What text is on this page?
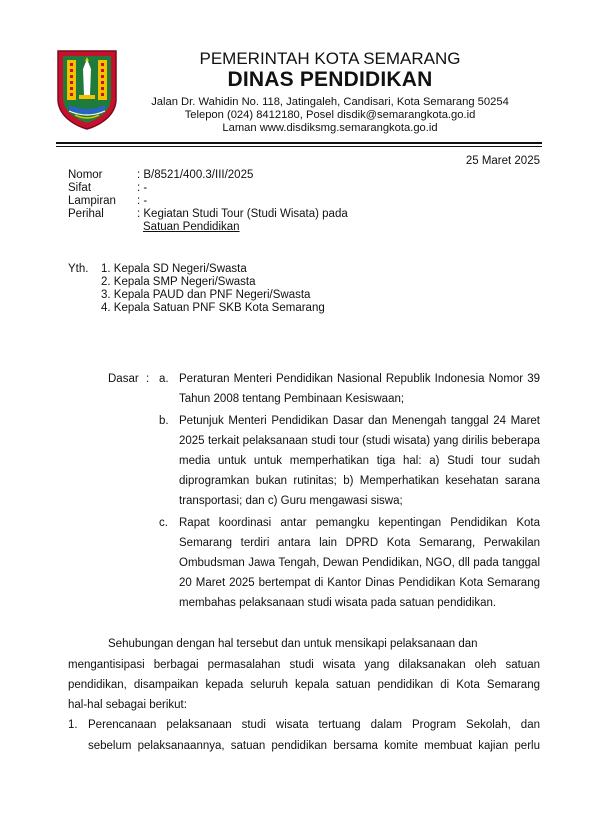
PEMERINTAH KOTA SEMARANG
DINAS PENDIDIKAN
Jalan Dr. Wahidin No. 118, Jatingaleh, Candisari, Kota Semarang 50254
Telepon (024) 8412180, Posel disdik@semarangkota.go.id
Laman www.disdiksmg.semarangkota.go.id
25 Maret 2025
Nomor	: B/8521/400.3/III/2025
Sifat	: -
Lampiran : -
Perihal	: Kegiatan Studi Tour (Studi Wisata) pada
Satuan Pendidikan
Yth. 1. Kepala SD Negeri/Swasta
2. Kepala SMP Negeri/Swasta
3. Kepala PAUD dan PNF Negeri/Swasta
4. Kepala Satuan PNF SKB Kota Semarang
Dasar : a. Peraturan Menteri Pendidikan Nasional Republik Indonesia Nomor 39
Tahun 2008 tentang Pembinaan Kesiswaan;
b. Petunjuk Menteri Pendidikan Dasar dan Menengah tanggal 24 Maret
2025 terkait pelaksanaan studi tour (studi wisata) yang dirilis beberapa
media untuk untuk memperhatikan tiga hal: a) Studi tour sudah
diprogramkan bukan rutinitas; b) Memperhatikan kesehatan sarana
transportasi; dan c) Guru mengawasi siswa;
c. Rapat koordinasi antar pemangku kepentingan Pendidikan Kota
Semarang terdiri antara lain DPRD Kota Semarang, Perwakilan
Ombudsman Jawa Tengah, Dewan Pendidikan, NGO, dll pada tanggal
20 Maret 2025 bertempat di Kantor Dinas Pendidikan Kota Semarang
membahas pelaksanaan studi wisata pada satuan pendidikan.
Sehubungan dengan hal tersebut dan untuk mensikapi pelaksanaan dan
mengantisipasi berbagai permasalahan studi wisata yang dilaksanakan oleh satuan
pendidikan, disampaikan kepada seluruh kepala satuan pendidikan di Kota Semarang
hal-hal sebagai berikut:
1. Perencanaan pelaksanaan studi wisata tertuang dalam Program Sekolah, dan
sebelum pelaksanaannya, satuan pendidikan bersama komite membuat kajian perlu
